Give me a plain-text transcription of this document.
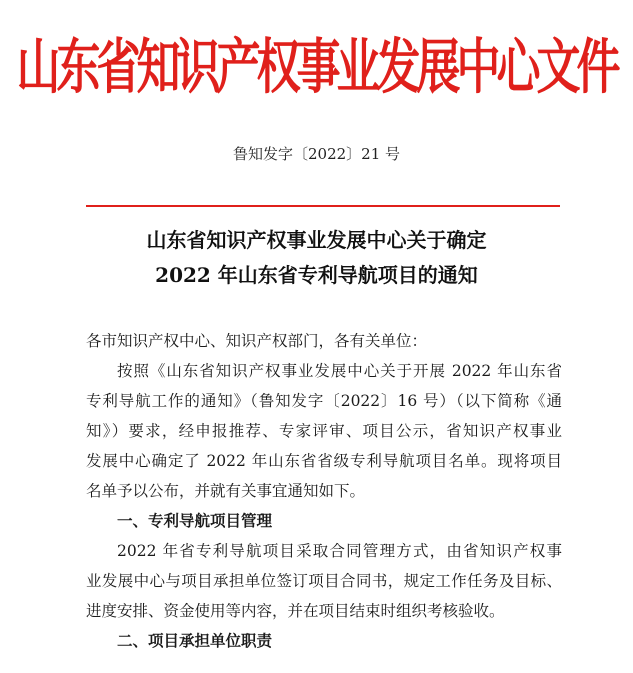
山东省知识产权事业发展中心文件
鲁知发字〔2022〕21 号
山东省知识产权事业发展中心关于确定
2022 年山东省专利导航项目的通知
各市知识产权中心、知识产权部门，各有关单位：
按照《山东省知识产权事业发展中心关于开展 2022 年山东省
专利导航工作的通知》（鲁知发字〔2022〕16 号）（以下简称《通
知》）要求，经申报推荐、专家评审、项目公示，省知识产权事业
发展中心确定了 2022 年山东省省级专利导航项目名单。现将项目
名单予以公布，并就有关事宜通知如下。
一、专利导航项目管理
2022 年省专利导航项目采取合同管理方式，由省知识产权事
业发展中心与项目承担单位签订项目合同书，规定工作任务及目标、
进度安排、资金使用等内容，并在项目结束时组织考核验收。
二、项目承担单位职责
